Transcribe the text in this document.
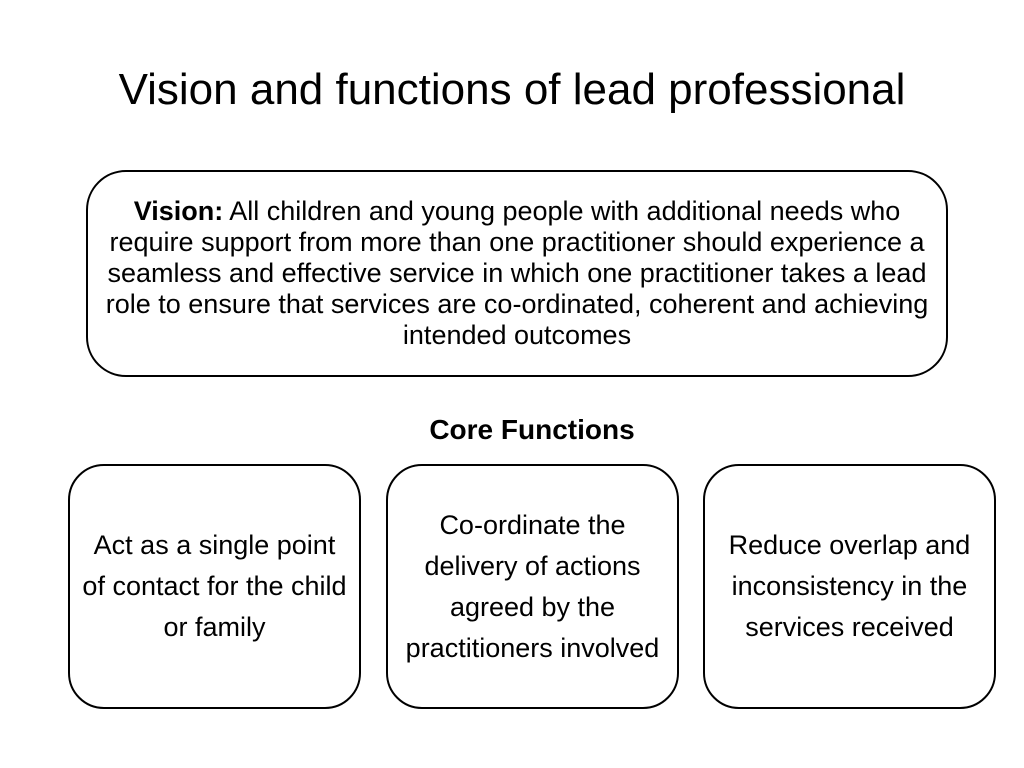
Vision and functions of lead professional

Vision: All children and young people with additional needs who require support from more than one practitioner should experience a seamless and effective service in which one practitioner takes a lead role to ensure that services are co-ordinated, coherent and achieving intended outcomes

Core Functions

Act as a single point of contact for the child or family

Co-ordinate the delivery of actions agreed by the practitioners involved

Reduce overlap and inconsistency in the services received
